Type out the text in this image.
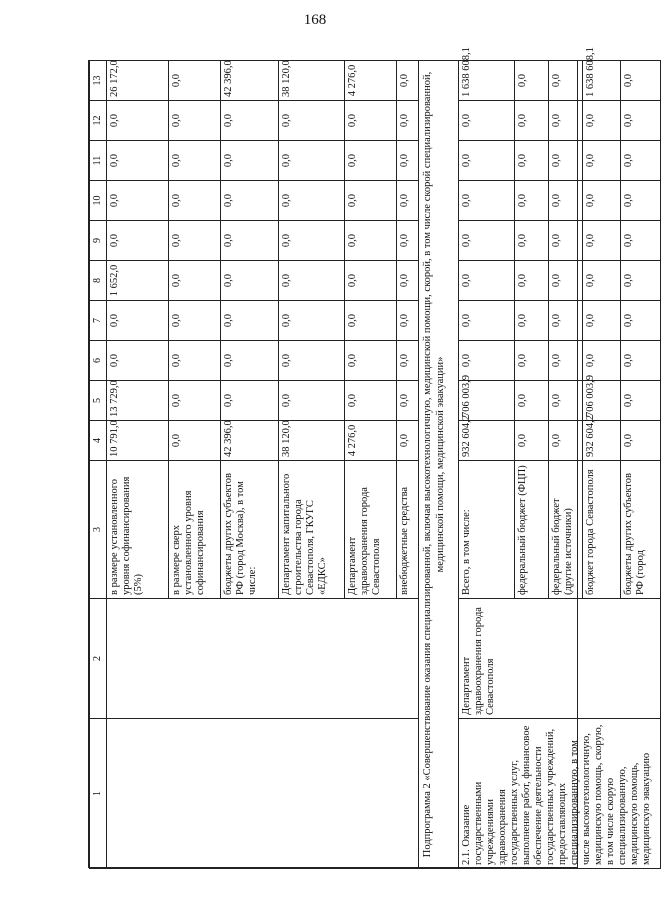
168
1	2	3	4	5	6	7	8	9	10	11	12	13
		в размере установленного уровня софинансирования (5%)	10 791,0	13 729,0	0,0	0,0	1 652,0	0,0	0,0	0,0	0,0	26 172,0
		в размере сверх установленного уровня софинансирования	0,0	0,0	0,0	0,0	0,0	0,0	0,0	0,0	0,0	0,0
		бюджеты других субъектов РФ (город Москва), в том числе:	42 396,0	0,0	0,0	0,0	0,0	0,0	0,0	0,0	0,0	42 396,0
		Департамент капитального строительства города Севастополя, ГКУГС «ЕДКС»	38 120,0	0,0	0,0	0,0	0,0	0,0	0,0	0,0	0,0	38 120,0
		Департамент здравоохранения города Севастополя	4 276,0	0,0	0,0	0,0	0,0	0,0	0,0	0,0	0,0	4 276,0
		внебюджетные средства	0,0	0,0	0,0	0,0	0,0	0,0	0,0	0,0	0,0	0,0
Подпрограмма 2 «Совершенствование оказания специализированной, включая высокотехнологичную, медицинской помощи, скорой, в том числе скорой специализированной, медицинской помощи, медицинской эвакуации»												
2.1. Оказание государственными учреждениями здравоохранения государственных услуг, выполнение работ, финансовое обеспечение деятельности государственных учреждений, предоставляющих специализированную, в том числе высокотехнологичную, медицинскую помощь, скорую, в том числе скорую специализированную, медицинскую помощь, медицинскую эвакуацию	Департамент здравоохранения города Севастополя	Всего, в том числе:	932 604,2	706 003,9	0,0	0,0	0,0	0,0	0,0	0,0	0,0	1 638 608,1
		федеральный бюджет (ФЦП)	0,0	0,0	0,0	0,0	0,0	0,0	0,0	0,0	0,0	0,0
		федеральный бюджет (другие источники)	0,0	0,0	0,0	0,0	0,0	0,0	0,0	0,0	0,0	0,0
		бюджет города Севастополя	932 604,2	706 003,9	0,0	0,0	0,0	0,0	0,0	0,0	0,0	1 638 608,1
		бюджеты других субъектов РФ (город	0,0	0,0	0,0	0,0	0,0	0,0	0,0	0,0	0,0	0,0
